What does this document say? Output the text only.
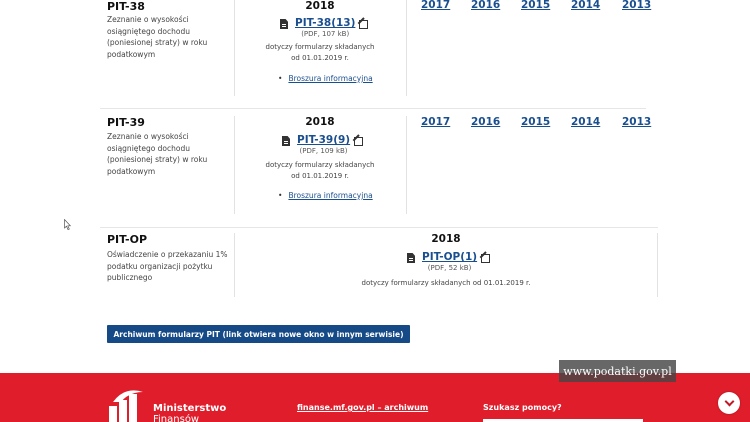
PIT-38
Zeznanie o wysokości osiągniętego dochodu (poniesionej straty) w roku podatkowym
2018
PIT-38(13)
(PDF, 107 kB)
dotyczy formularzy składanych od 01.01.2019 r.
• Broszura informacyjna
2017 2016 2015 2014 2013
PIT-39
Zeznanie o wysokości osiągniętego dochodu (poniesionej straty) w roku podatkowym
2018
PIT-39(9)
(PDF, 109 kB)
dotyczy formularzy składanych od 01.01.2019 r.
• Broszura informacyjna
2017 2016 2015 2014 2013
PIT-OP
Oświadczenie o przekazaniu 1% podatku organizacji pożytku publicznego
2018
PIT-OP(1)
(PDF, 52 kB)
dotyczy formularzy składanych od 01.01.2019 r.
Archiwum formularzy PIT (link otwiera nowe okno w innym serwisie)
Ministerstwo
Finansów
finanse.mf.gov.pl – archiwum	Szukasz pomocy?
www.podatki.gov.pl
